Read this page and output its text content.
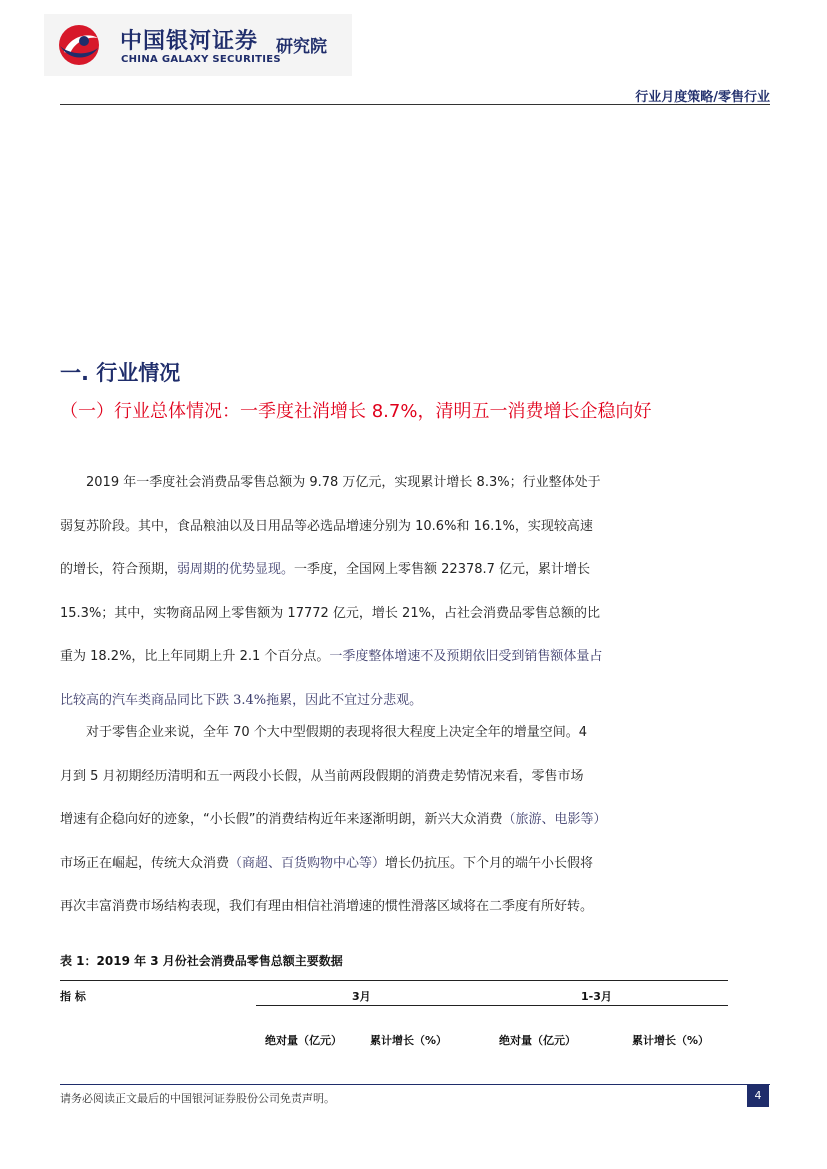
中国银河证券
CHINA GALAXY SECURITIES
研究院
行业月度策略/零售行业
一. 行业情况
（一）行业总体情况：一季度社消增长 8.7%，清明五一消费增长企稳向好
2019 年一季度社会消费品零售总额为 9.78 万亿元，实现累计增长 8.3%；行业整体处于
弱复苏阶段。其中，食品粮油以及日用品等必选品增速分别为 10.6%和 16.1%，实现较高速
的增长，符合预期，弱周期的优势显现。一季度，全国网上零售额 22378.7 亿元，累计增长
15.3%；其中，实物商品网上零售额为 17772 亿元，增长 21%，占社会消费品零售总额的比
重为 18.2%，比上年同期上升 2.1 个百分点。一季度整体增速不及预期依旧受到销售额体量占
比较高的汽车类商品同比下跌 3.4%拖累，因此不宜过分悲观。
对于零售企业来说，全年 70 个大中型假期的表现将很大程度上决定全年的增量空间。4
月到 5 月初期经历清明和五一两段小长假，从当前两段假期的消费走势情况来看，零售市场
增速有企稳向好的迹象，“小长假”的消费结构近年来逐渐明朗，新兴大众消费（旅游、电影等）
市场正在崛起，传统大众消费（商超、百货购物中心等）增长仍抗压。下个月的端午小长假将
再次丰富消费市场结构表现，我们有理由相信社消增速的惯性滑落区域将在二季度有所好转。
表 1：2019 年 3 月份社会消费品零售总额主要数据
指 标	3月	1-3月
绝对量（亿元）	累计增长（%）	绝对量（亿元）	累计增长（%）
请务必阅读正文最后的中国银河证券股份公司免责声明。	4
